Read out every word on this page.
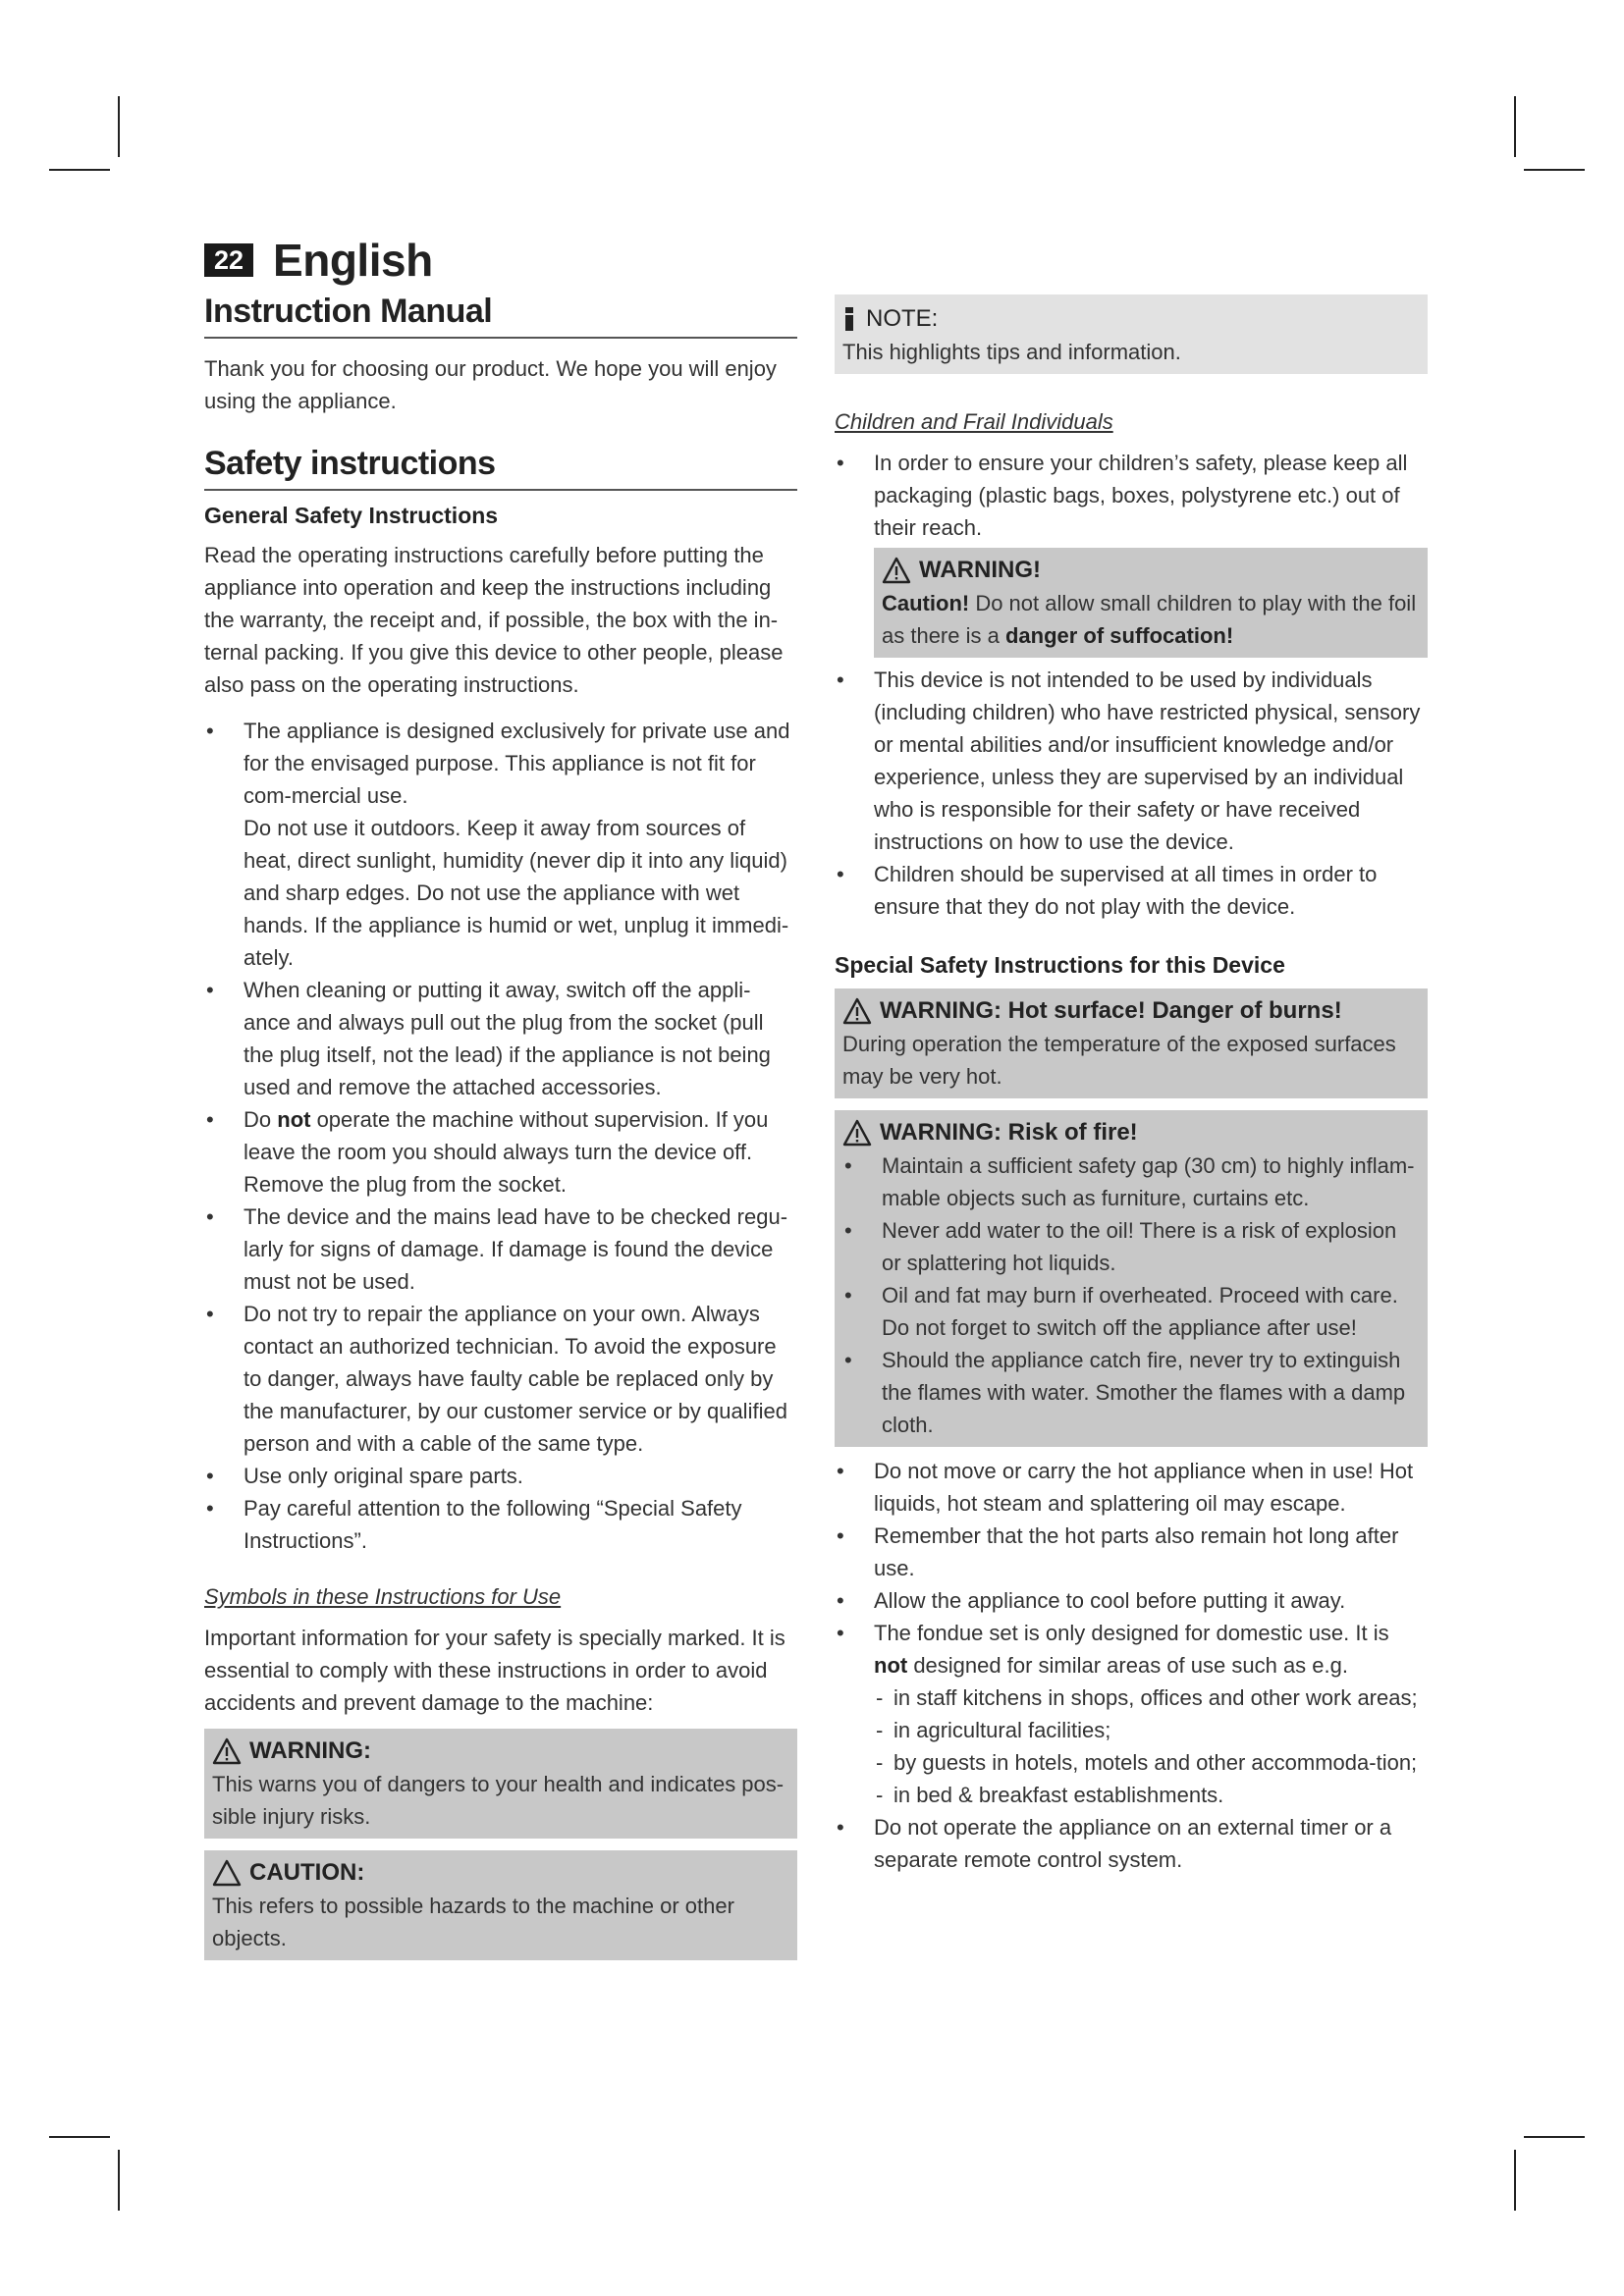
22 English
Instruction Manual

Thank you for choosing our product. We hope you will enjoy using the appliance.

Safety instructions
General Safety Instructions

Read the operating instructions carefully before putting the appliance into operation and keep the instructions including the warranty, the receipt and, if possible, the box with the in-ternal packing. If you give this device to other people, please also pass on the operating instructions.

• The appliance is designed exclusively for private use and for the envisaged purpose. This appliance is not fit for com-mercial use.
Do not use it outdoors. Keep it away from sources of heat, direct sunlight, humidity (never dip it into any liquid) and sharp edges. Do not use the appliance with wet hands. If the appliance is humid or wet, unplug it immedi-ately.
• When cleaning or putting it away, switch off the appli-ance and always pull out the plug from the socket (pull the plug itself, not the lead) if the appliance is not being used and remove the attached accessories.
• Do not operate the machine without supervision. If you leave the room you should always turn the device off. Remove the plug from the socket.
• The device and the mains lead have to be checked regu-larly for signs of damage. If damage is found the device must not be used.
• Do not try to repair the appliance on your own. Always contact an authorized technician. To avoid the exposure to danger, always have faulty cable be replaced only by the manufacturer, by our customer service or by qualified person and with a cable of the same type.
• Use only original spare parts.
• Pay careful attention to the following “Special Safety Instructions”.
Symbols in these Instructions for Use

Important information for your safety is specially marked. It is essential to comply with these instructions in order to avoid accidents and prevent damage to the machine:

WARNING:

This warns you of dangers to your health and indicates pos-sible injury risks.

CAUTION:

This refers to possible hazards to the machine or other objects.

NOTE:

This highlights tips and information.

Children and Frail Individuals
• In order to ensure your children’s safety, please keep all packaging (plastic bags, boxes, polystyrene etc.) out of their reach.
WARNING!

Caution! Do not allow small children to play with the foil as there is a danger of suffocation!

• This device is not intended to be used by individuals (including children) who have restricted physical, sensory or mental abilities and/or insufficient knowledge and/or experience, unless they are supervised by an individual who is responsible for their safety or have received instructions on how to use the device.
• Children should be supervised at all times in order to ensure that they do not play with the device.
Special Safety Instructions for this Device
WARNING: Hot surface! Danger of burns!

During operation the temperature of the exposed surfaces may be very hot.

WARNING: Risk of fire!
• Maintain a sufficient safety gap (30 cm) to highly inflam-mable objects such as furniture, curtains etc.
• Never add water to the oil! There is a risk of explosion or splattering hot liquids.
• Oil and fat may burn if overheated. Proceed with care. Do not forget to switch off the appliance after use!
• Should the appliance catch fire, never try to extinguish the flames with water. Smother the flames with a damp cloth.
• Do not move or carry the hot appliance when in use! Hot liquids, hot steam and splattering oil may escape.
• Remember that the hot parts also remain hot long after use.
• Allow the appliance to cool before putting it away.
• The fondue set is only designed for domestic use. It is not designed for similar areas of use such as e.g.
- in staff kitchens in shops, offices and other work areas;
- in agricultural facilities;
- by guests in hotels, motels and other accommoda-tion;
- in bed & breakfast establishments.
• Do not operate the appliance on an external timer or a separate remote control system.
